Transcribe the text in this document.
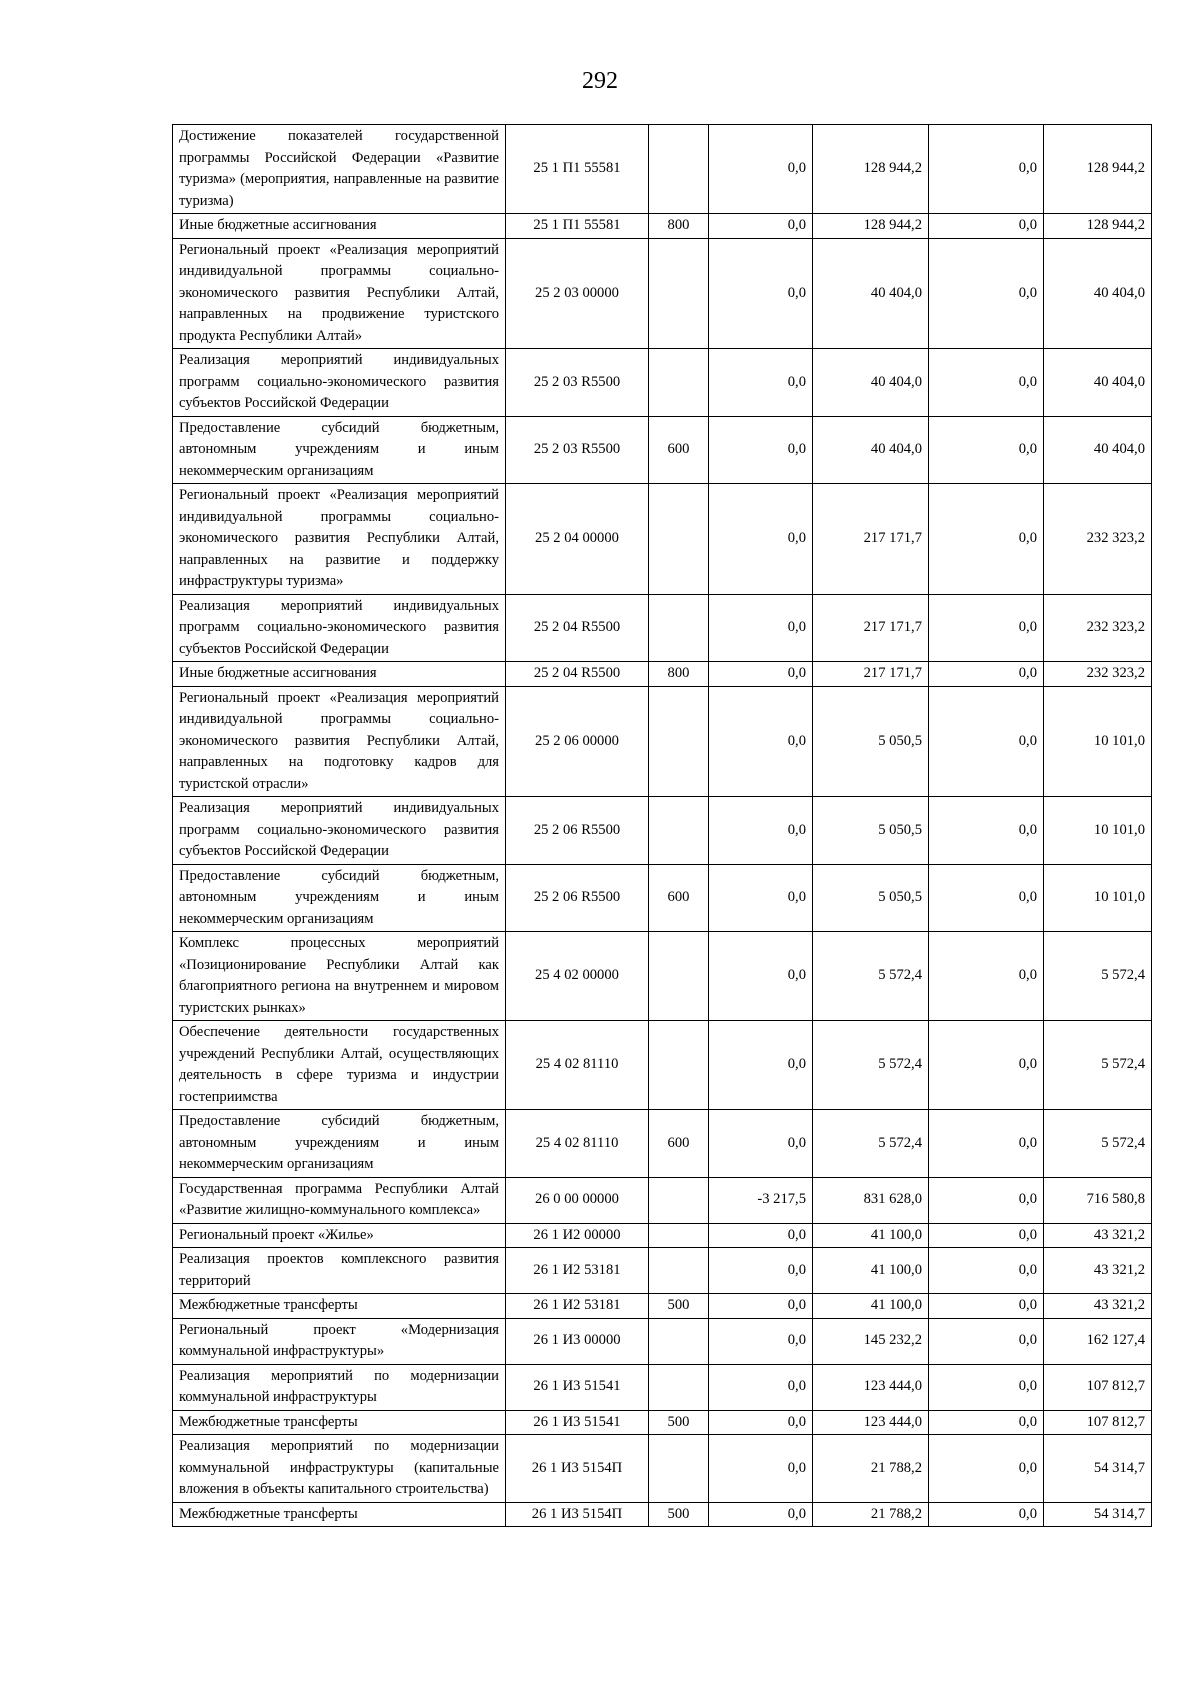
292
Достижение показателей государственной программы Российской Федерации «Развитие туризма» (мероприятия, направленные на развитие туризма)	25 1 П1 55581		0,0	128 944,2	0,0	128 944,2
Иные бюджетные ассигнования	25 1 П1 55581	800	0,0	128 944,2	0,0	128 944,2
Региональный проект «Реализация мероприятий индивидуальной программы социально-экономического развития Республики Алтай, направленных на продвижение туристского продукта Республики Алтай»	25 2 03 00000		0,0	40 404,0	0,0	40 404,0
Реализация мероприятий индивидуальных программ социально-экономического развития субъектов Российской Федерации	25 2 03 R5500		0,0	40 404,0	0,0	40 404,0
Предоставление субсидий бюджетным, автономным учреждениям и иным некоммерческим организациям	25 2 03 R5500	600	0,0	40 404,0	0,0	40 404,0
Региональный проект «Реализация мероприятий индивидуальной программы социально-экономического развития Республики Алтай, направленных на развитие и поддержку инфраструктуры туризма»	25 2 04 00000		0,0	217 171,7	0,0	232 323,2
Реализация мероприятий индивидуальных программ социально-экономического развития субъектов Российской Федерации	25 2 04 R5500		0,0	217 171,7	0,0	232 323,2
Иные бюджетные ассигнования	25 2 04 R5500	800	0,0	217 171,7	0,0	232 323,2
Региональный проект «Реализация мероприятий индивидуальной программы социально-экономического развития Республики Алтай, направленных на подготовку кадров для туристской отрасли»	25 2 06 00000		0,0	5 050,5	0,0	10 101,0
Реализация мероприятий индивидуальных программ социально-экономического развития субъектов Российской Федерации	25 2 06 R5500		0,0	5 050,5	0,0	10 101,0
Предоставление субсидий бюджетным, автономным учреждениям и иным некоммерческим организациям	25 2 06 R5500	600	0,0	5 050,5	0,0	10 101,0
Комплекс процессных мероприятий «Позиционирование Республики Алтай как благоприятного региона на внутреннем и мировом туристских рынках»	25 4 02 00000		0,0	5 572,4	0,0	5 572,4
Обеспечение деятельности государственных учреждений Республики Алтай, осуществляющих деятельность в сфере туризма и индустрии гостеприимства	25 4 02 81110		0,0	5 572,4	0,0	5 572,4
Предоставление субсидий бюджетным, автономным учреждениям и иным некоммерческим организациям	25 4 02 81110	600	0,0	5 572,4	0,0	5 572,4
Государственная программа Республики Алтай «Развитие жилищно-коммунального комплекса»	26 0 00 00000		-3 217,5	831 628,0	0,0	716 580,8
Региональный проект «Жилье»	26 1 И2 00000		0,0	41 100,0	0,0	43 321,2
Реализация проектов комплексного развития территорий	26 1 И2 53181		0,0	41 100,0	0,0	43 321,2
Межбюджетные трансферты	26 1 И2 53181	500	0,0	41 100,0	0,0	43 321,2
Региональный проект «Модернизация коммунальной инфраструктуры»	26 1 И3 00000		0,0	145 232,2	0,0	162 127,4
Реализация мероприятий по модернизации коммунальной инфраструктуры	26 1 И3 51541		0,0	123 444,0	0,0	107 812,7
Межбюджетные трансферты	26 1 И3 51541	500	0,0	123 444,0	0,0	107 812,7
Реализация мероприятий по модернизации коммунальной инфраструктуры (капитальные вложения в объекты капитального строительства)	26 1 И3 5154П		0,0	21 788,2	0,0	54 314,7
Межбюджетные трансферты	26 1 И3 5154П	500	0,0	21 788,2	0,0	54 314,7
